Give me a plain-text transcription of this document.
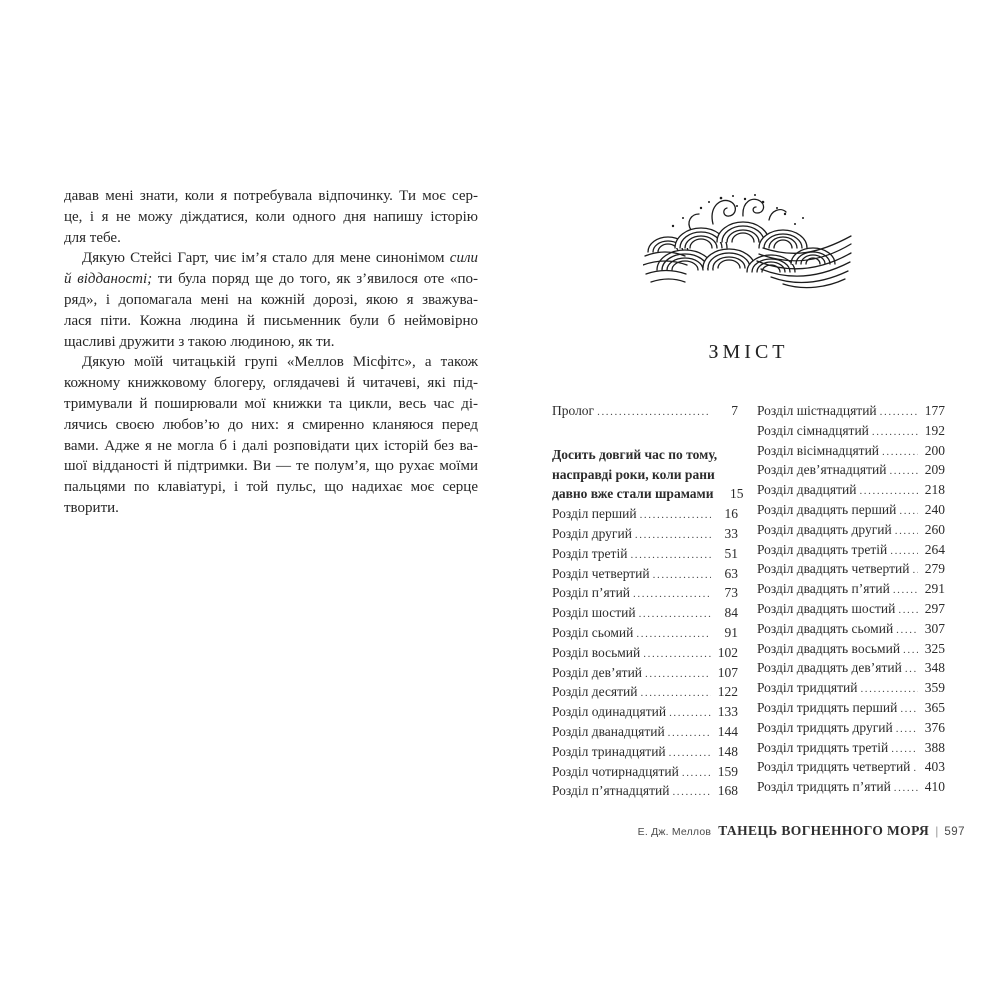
давав мені знати, коли я потребувала відпочинку. Ти моє сер-
це, і я не можу діждатися, коли одного дня напишу історію
для тебе.
Дякую Стейсі Гарт, чиє ім’я стало для мене синонімом сили
й відданості; ти була поряд ще до того, як з’явилося оте «по-
ряд», і допомагала мені на кожній дорозі, якою я зважува-
лася піти. Кожна людина й письменник були б неймовірно
щасливі дружити з такою людиною, як ти.
Дякую моїй читацькій групі «Меллов Місфітс», а також
кожному книжковому блогеру, оглядачеві й читачеві, які під-
тримували й поширювали мої книжки та цикли, весь час ді-
лячись своєю любов’ю до них: я смиренно кланяюся перед
вами. Адже я не могла б і далі розповідати цих історій без ва-
шої відданості й підтримки. Ви — те полум’я, що рухає моїми
пальцями по клавіатурі, і той пульс, що надихає моє серце
творити.
ЗМІСТ
Пролог .....	7
Досить довгий час по тому,
насправді роки, коли рани
давно вже стали шрамами	15
Розділ перший .....	16
Розділ другий .....	33
Розділ третій .....	51
Розділ четвертий .....	63
Розділ п’ятий .....	73
Розділ шостий .....	84
Розділ сьомий .....	91
Розділ восьмий .....	102
Розділ дев’ятий .....	107
Розділ десятий .....	122
Розділ одинадцятий .....	133
Розділ дванадцятий .....	144
Розділ тринадцятий .....	148
Розділ чотирнадцятий .....	159
Розділ п’ятнадцятий .....	168
Розділ шістнадцятий .....	177
Розділ сімнадцятий .....	192
Розділ вісімнадцятий .....	200
Розділ дев’ятнадцятий .....	209
Розділ двадцятий .....	218
Розділ двадцять перший ..... 240
Розділ двадцять другий ..... 260
Розділ двадцять третій .....	264
Розділ двадцять четвертий ..... 279
Розділ двадцять п’ятий .....	291
Розділ двадцять шостий ..... 297
Розділ двадцять сьомий ..... 307
Розділ двадцять восьмий ..... 325
Розділ двадцять дев’ятий ..... 348
Розділ тридцятий .....	359
Розділ тридцять перший ..... 365
Розділ тридцять другий ..... 376
Розділ тридцять третій .....	388
Розділ тридцять четвертий ..... 403
Розділ тридцять п’ятий .....	410
Е. Дж. Меллов ТАНЕЦЬ ВОГНЕННОГО МОРЯ | 597
